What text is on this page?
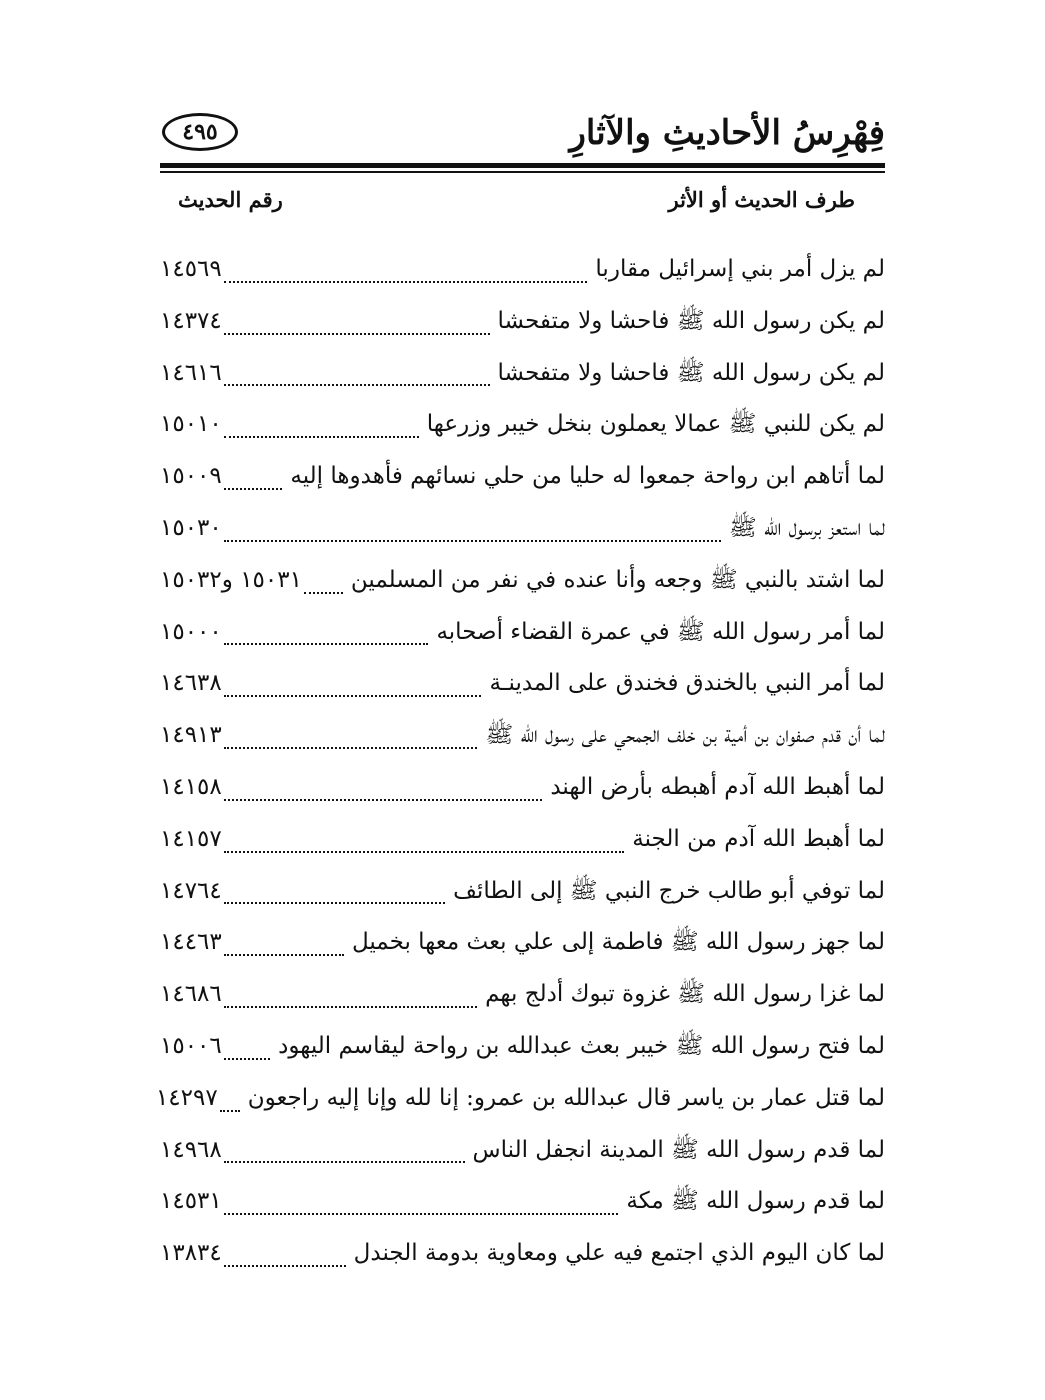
فِهْرِسُ الأحاديثِ والآثارِ
٤٩٥
طرف الحديث أو الأثر
رقم الحديث
لم يزل أمر بني إسرائيل مقاربا
١٤٥٦٩
لم يكن رسول الله ﷺ فاحشا ولا متفحشا
١٤٣٧٤
لم يكن رسول الله ﷺ فاحشا ولا متفحشا
١٤٦١٦
لم يكن للنبي ﷺ عمالا يعملون بنخل خيبر وزرعها
١٥٠١٠
لما أتاهم ابن رواحة جمعوا له حليا من حلي نسائهم فأهدوها إليه
١٥٠٠٩
لما استعز برسول الله ﷺ
١٥٠٣٠
لما اشتد بالنبي ﷺ وجعه وأنا عنده في نفر من المسلمين
١٥٠٣١ و١٥٠٣٢
لما أمر رسول الله ﷺ في عمرة القضاء أصحابه
١٥٠٠٠
لما أمر النبي بالخندق فخندق على المدينـة
١٤٦٣٨
لما أن قدم صفوان بن أمية بن خلف الجمحي على رسول الله ﷺ
١٤٩١٣
لما أهبط الله آدم أهبطه بأرض الهند
١٤١٥٨
لما أهبط الله آدم من الجنة
١٤١٥٧
لما توفي أبو طالب خرج النبي ﷺ إلى الطائف
١٤٧٦٤
لما جهز رسول الله ﷺ فاطمة إلى علي بعث معها بخميل
١٤٤٦٣
لما غزا رسول الله ﷺ غزوة تبوك أدلج بهم
١٤٦٨٦
لما فتح رسول الله ﷺ خيبر بعث عبدالله بن رواحة ليقاسم اليهود
١٥٠٠٦
لما قتل عمار بن ياسر قال عبدالله بن عمرو: إنا لله وإنا إليه راجعون
١٤٢٩٧
لما قدم رسول الله ﷺ المدينة انجفل الناس
١٤٩٦٨
لما قدم رسول الله ﷺ مكة
١٤٥٣١
لما كان اليوم الذي اجتمع فيه علي ومعاوية بدومة الجندل
١٣٨٣٤
